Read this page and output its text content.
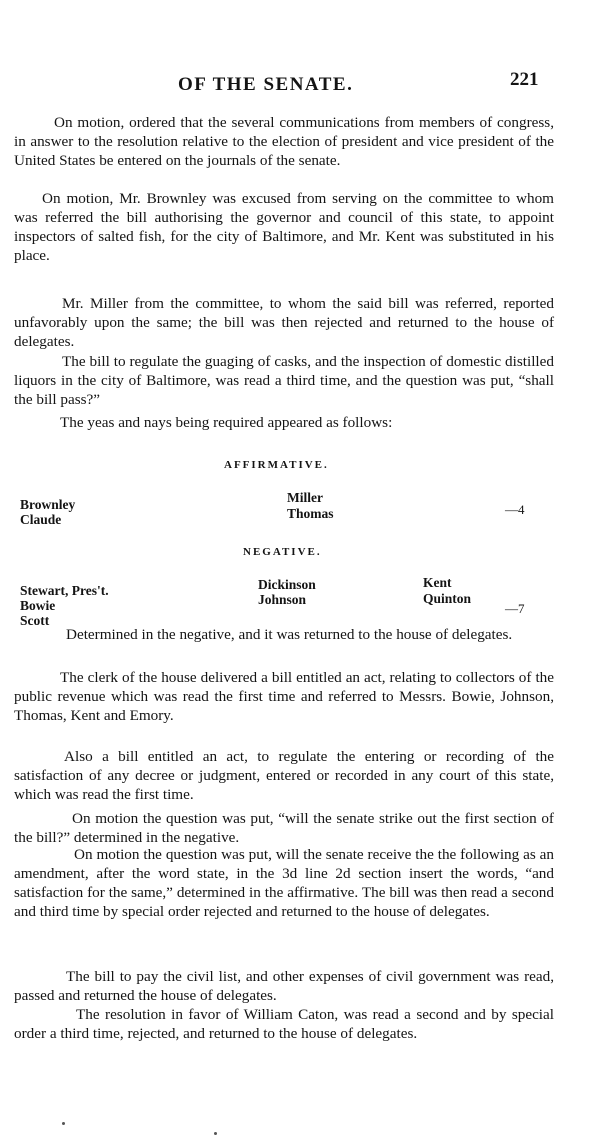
OF THE SENATE.	221

On motion, ordered that the several communications from members of congress, in answer to the resolution relative to the election of president and vice president of the United States be entered on the journals of the senate.

On motion, Mr. Brownley was excused from serving on the committee to whom was referred the bill authorising the governor and council of this state, to appoint inspectors of salted fish, for the city of Baltimore, and Mr. Kent was substituted in his place.

Mr. Miller from the committee, to whom the said bill was referred, reported unfavorably upon the same; the bill was then rejected and returned to the house of delegates.

The bill to regulate the guaging of casks, and the inspection of domestic distilled liquors in the city of Baltimore, was read a third time, and the question was put, “shall the bill pass?”

The yeas and nays being required appeared as follows:

AFFIRMATIVE.
Brownley
Claude
Miller
Thomas	—4
NEGATIVE.
Stewart, Pres't.
Bowie
Scott
Dickinson
Johnson
Kent
Quinton
—7

Determined in the negative, and it was returned to the house of delegates.

The clerk of the house delivered a bill entitled an act, relating to collectors of the public revenue which was read the first time and referred to Messrs. Bowie, Johnson, Thomas, Kent and Emory.

Also a bill entitled an act, to regulate the entering or recording of the satisfaction of any decree or judgment, entered or recorded in any court of this state, which was read the first time.

On motion the question was put, “will the senate strike out the first section of the bill?” determined in the negative.

On motion the question was put, will the senate receive the the following as an amendment, after the word state, in the 3d line 2d section insert the words, “and satisfaction for the same,” determined in the affirmative. The bill was then read a second and third time by special order rejected and returned to the house of delegates.

The bill to pay the civil list, and other expenses of civil government was read, passed and returned the house of delegates.

The resolution in favor of William Caton, was read a second and by special order a third time, rejected, and returned to the house of delegates.
